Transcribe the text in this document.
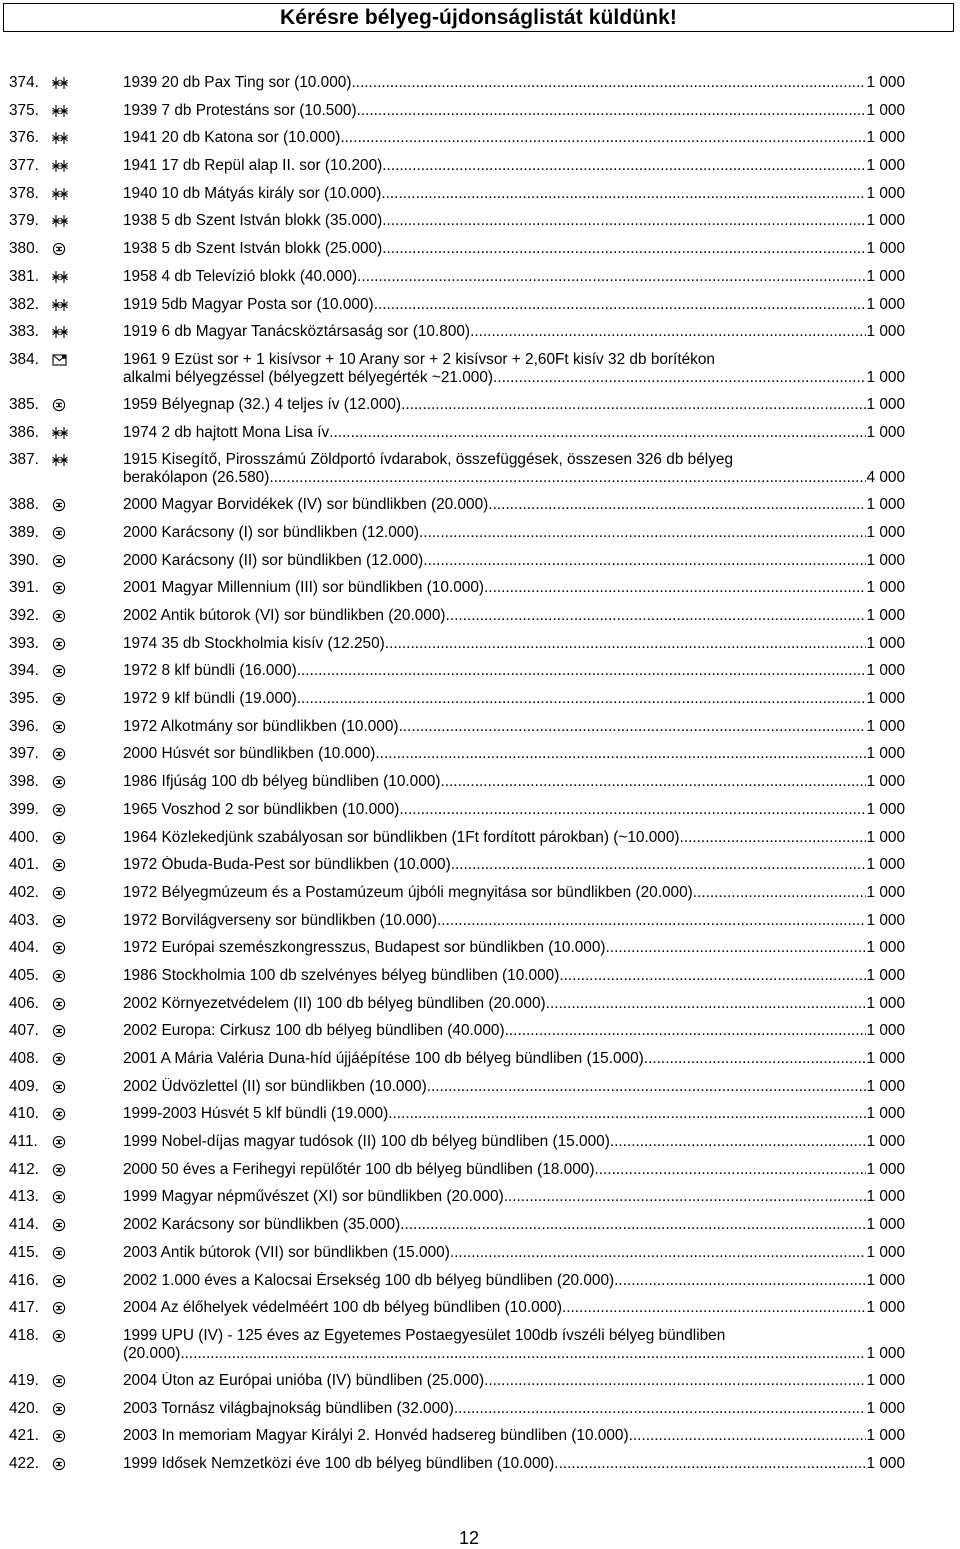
Kérésre bélyeg-újdonságlistát küldünk!
374.	1939 20 db Pax Ting sor (10.000) .....	1 000
375.	1939 7 db Protestáns sor (10.500) .....	1 000
376.	1941 20 db Katona sor (10.000) .....	1 000
377.	1941 17 db Repül alap II. sor (10.200) .....	1 000
378.	1940 10 db Mátyás király sor (10.000) .....	1 000
379.	1938 5 db Szent István blokk (35.000) .....	1 000
380.	1938 5 db Szent István blokk (25.000) .....	1 000
381.	1958 4 db Televízió blokk (40.000) .....	1 000
382.	1919 5db Magyar Posta sor (10.000) .....	1 000
383.	1919 6 db Magyar Tanácsköztársaság sor (10.800) .....	1 000
384.	1961 9 Ezüst sor + 1 kisívsor + 10 Arany sor + 2 kisívsor + 2,60Ft kisív 32 db borítékon
alkalmi bélyegzéssel (bélyegzett bélyegérték ~21.000) .....	1 000
385.	1959 Bélyegnap (32.) 4 teljes ív (12.000) .....	1 000
386.	1974 2 db hajtott Mona Lisa ív .....	1 000
387.	1915 Kisegítő, Pirosszámú Zöldportó ívdarabok, összefüggések, összesen 326 db bélyeg
berakólapon (26.580) .....	4 000
388.	2000 Magyar Borvidékek (IV) sor bündlikben (20.000) .....	1 000
389.	2000 Karácsony (I) sor bündlikben (12.000) .....	1 000
390.	2000 Karácsony (II) sor bündlikben (12.000) .....	1 000
391.	2001 Magyar Millennium (III) sor bündlikben (10.000) .....	1 000
392.	2002 Antik bútorok (VI) sor bündlikben (20.000) .....	1 000
393.	1974 35 db Stockholmia kisív (12.250) .....	1 000
394.	1972 8 klf bündli (16.000) .....	1 000
395.	1972 9 klf bündli (19.000) .....	1 000
396.	1972 Alkotmány sor bündlikben (10.000) .....	1 000
397.	2000 Húsvét sor bündlikben (10.000) .....	1 000
398.	1986 Ifjúság 100 db bélyeg bündliben (10.000) .....	1 000
399.	1965 Voszhod 2 sor bündlikben (10.000) .....	1 000
400.	1964 Közlekedjünk szabályosan sor bündlikben (1Ft fordított párokban) (~10.000) .....	1 000
401.	1972 Óbuda-Buda-Pest sor bündlikben (10.000) .....	1 000
402.	1972 Bélyegmúzeum és a Postamúzeum újbóli megnyitása sor bündlikben (20.000) .....	1 000
403.	1972 Borvilágverseny sor bündlikben (10.000) .....	1 000
404.	1972 Európai szemészkongresszus, Budapest sor bündlikben (10.000) .....	1 000
405.	1986 Stockholmia 100 db szelvényes bélyeg bündliben (10.000) .....	1 000
406.	2002 Környezetvédelem (II) 100 db bélyeg bündliben (20.000) .....	1 000
407.	2002 Europa: Cirkusz 100 db bélyeg bündliben (40.000) .....	1 000
408.	2001 A Mária Valéria Duna-híd újjáépítése 100 db bélyeg bündliben (15.000) .....	1 000
409.	2002 Üdvözlettel (II) sor bündlikben (10.000) .....	1 000
410.	1999-2003 Húsvét 5 klf bündli (19.000) .....	1 000
411.	1999 Nobel-díjas magyar tudósok (II) 100 db bélyeg bündliben (15.000) .....	1 000
412.	2000 50 éves a Ferihegyi repülőtér 100 db bélyeg bündliben (18.000) .....	1 000
413.	1999 Magyar népművészet (XI) sor bündlikben (20.000) .....	1 000
414.	2002 Karácsony sor bündlikben (35.000) .....	1 000
415.	2003 Antik bútorok (VII) sor bündlikben (15.000) .....	1 000
416.	2002 1.000 éves a Kalocsai Érsekség 100 db bélyeg bündliben (20.000) .....	1 000
417.	2004 Az élőhelyek védelméért 100 db bélyeg bündliben (10.000) .....	1 000
418.	1999 UPU (IV) - 125 éves az Egyetemes Postaegyesület 100db ívszéli bélyeg bündliben
(20.000) .....	1 000
419.	2004 Úton az Európai unióba (IV) bündliben (25.000) .....	1 000
420.	2003 Tornász világbajnokság bündliben (32.000) .....	1 000
421.	2003 In memoriam Magyar Királyi 2. Honvéd hadsereg bündliben (10.000) .....	1 000
422.	1999 Idősek Nemzetközi éve 100 db bélyeg bündliben (10.000) .....	1 000
12
